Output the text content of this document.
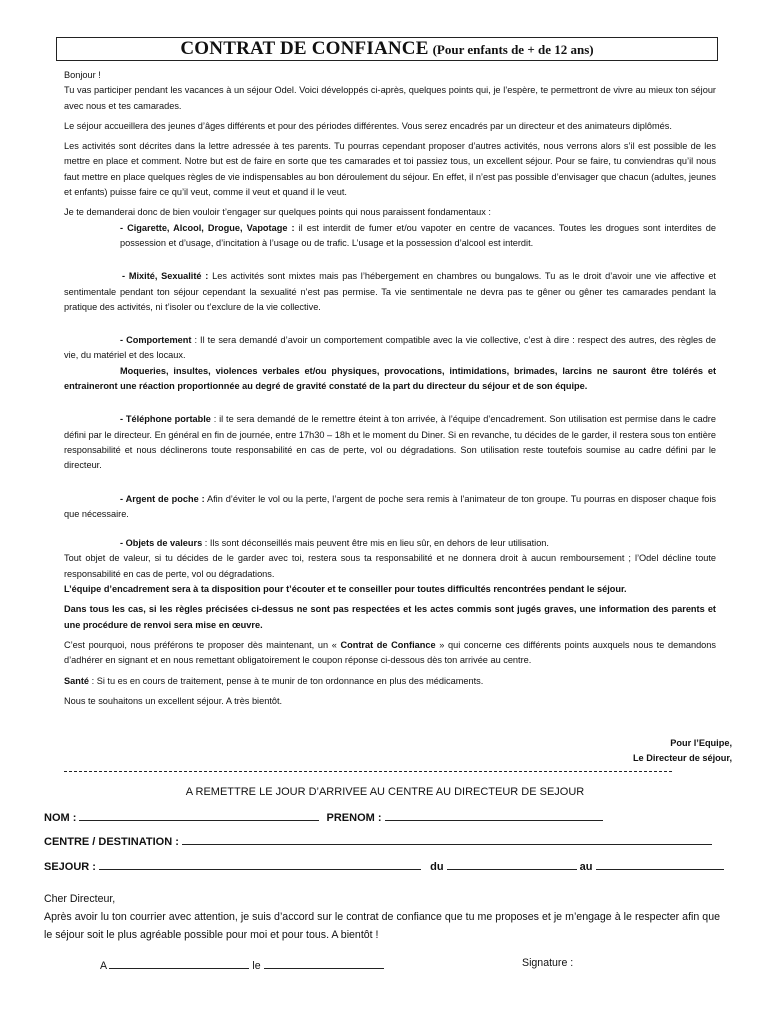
CONTRAT DE CONFIANCE (Pour enfants de + de 12 ans)
Bonjour !

Tu vas participer pendant les vacances à un séjour Odel. Voici développés ci-après, quelques points qui, je l’espère, te permettront de vivre au mieux ton séjour avec nous et tes camarades.

Le séjour accueillera des jeunes d’âges différents et pour des périodes différentes. Vous serez encadrés par un directeur et des animateurs diplômés.

Les activités sont décrites dans la lettre adressée à tes parents. Tu pourras cependant proposer d’autres activités, nous verrons alors s’il est possible de les mettre en place et comment. Notre but est de faire en sorte que tes camarades et toi passiez tous, un excellent séjour. Pour se faire, tu conviendras qu’il nous faut mettre en place quelques règles de vie indispensables au bon déroulement du séjour. En effet, il n’est pas possible d’envisager que chacun (adultes, jeunes et enfants) puisse faire ce qu’il veut, comme il veut et quand il le veut.

Je te demanderai donc de bien vouloir t’engager sur quelques points qui nous paraissent fondamentaux :

- Cigarette, Alcool, Drogue, Vapotage : il est interdit de fumer et/ou vapoter en centre de vacances. Toutes les drogues sont interdites de possession et d’usage, d’incitation à l’usage ou de trafic. L’usage et la possession d’alcool est interdit.

- Mixité, Sexualité : Les activités sont mixtes mais pas l’hébergement en chambres ou bungalows. Tu as le droit d’avoir une vie affective et sentimentale pendant ton séjour cependant la sexualité n’est pas permise. Ta vie sentimentale ne devra pas te gêner ou gêner tes camarades pendant la pratique des activités, ni t’isoler ou t’exclure de la vie collective.

- Comportement : Il te sera demandé d’avoir un comportement compatible avec la vie collective, c’est à dire : respect des autres, des règles de vie, du matériel et des locaux.

Moqueries, insultes, violences verbales et/ou physiques, provocations, intimidations, brimades, larcins ne sauront être tolérés et entraineront une réaction proportionnée au degré de gravité constaté de la part du directeur du séjour et de son équipe.

- Téléphone portable : il te sera demandé de le remettre éteint à ton arrivée, à l’équipe d’encadrement. Son utilisation est permise dans le cadre défini par le directeur. En général en fin de journée, entre 17h30 – 18h et le moment du Diner. Si en revanche, tu décides de le garder, il restera sous ton entière responsabilité et nous déclinerons toute responsabilité en cas de perte, vol ou dégradations. Son utilisation reste toutefois soumise au cadre défini par le directeur.

- Argent de poche : Afin d’éviter le vol ou la perte, l’argent de poche sera remis à l’animateur de ton groupe. Tu pourras en disposer chaque fois que nécessaire.

- Objets de valeurs : Ils sont déconseillés mais peuvent être mis en lieu sûr, en dehors de leur utilisation.

Tout objet de valeur, si tu décides de le garder avec toi, restera sous ta responsabilité et ne donnera droit à aucun remboursement ; l’Odel décline toute responsabilité en cas de perte, vol ou dégradations.

L’équipe d’encadrement sera à ta disposition pour t’écouter et te conseiller pour toutes difficultés rencontrées pendant le séjour.

Dans tous les cas, si les règles précisées ci-dessus ne sont pas respectées et les actes commis sont jugés graves, une information des parents et une procédure de renvoi sera mise en œuvre.

C’est pourquoi, nous préférons te proposer dès maintenant, un « Contrat de Confiance » qui concerne ces différents points auxquels nous te demandons d’adhérer en signant et en nous remettant obligatoirement le coupon réponse ci-dessous dès ton arrivée au centre.

Santé : Si tu es en cours de traitement, pense à te munir de ton ordonnance en plus des médicaments.

Nous te souhaitons un excellent séjour. A très bientôt.

Pour l’Equipe,
Le Directeur de séjour,
A REMETTRE LE JOUR D’ARRIVEE AU CENTRE AU DIRECTEUR DE SEJOUR
NOM :	PRENOM :
CENTRE / DESTINATION :
SEJOUR :	du	au

Cher Directeur,

Après avoir lu ton courrier avec attention, je suis d’accord sur le contrat de confiance que tu me proposes et je m’engage à le respecter afin que le séjour soit le plus agréable possible pour moi et pour tous. A bientôt !

A	le	Signature :
